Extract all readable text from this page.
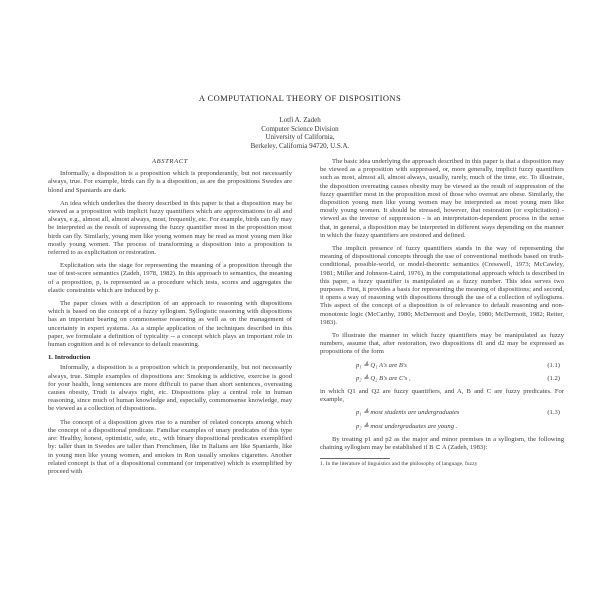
A COMPUTATIONAL THEORY OF DISPOSITIONS
Lotfi A. Zadeh
Computer Science Division
University of California,
Berkeley, California 94720, U.S.A.
ABSTRACT

Informally, a disposition is a proposition which is preponderantly, but not necessarily always, true. For example, birds can fly is a disposition, as are the propositions Swedes are blond and Spaniards are dark.

An idea which underlies the theory described in this paper is that a disposition may be viewed as a proposition with implicit fuzzy quantifiers which are approximations to all and always, e.g., almost all, almost always, most, frequently, etc. For example, birds can fly may be interpreted as the result of supressing the fuzzy quantifier most in the proposition most birds can fly. Similarly, young men like young women may be read as most young men like mostly young women. The process of transforming a disposition into a proposition is referred to as explicitation or restoration.

Explicitation sets the stage for representing the meaning of a proposition through the use of test-score semantics (Zadeh, 1978, 1982). In this approach to semantics, the meaning of a proposition, p, is represented as a procedure which tests, scores and aggregates the elastic constraints which are induced by p.

The paper closes with a description of an approach to reasoning with dispositions which is based on the concept of a fuzzy syllogism. Syllogistic reasoning with dispositions has an important bearing on commonsense reasoning as well as on the management of uncertainty in expert systems. As a simple application of the techniques described in this paper, we formulate a definition of typicality -- a concept which plays an important role in human cognition and is of relevance to default reasoning.

1. Introduction

Informally, a disposition is a proposition which is preponderantly, but not necessarily always, true. Simple examples of dispositions are: Smoking is addictive, exercise is good for your health, long sentences are more difficult to parse than short sentences, overeating causes obesity, Trudi is always right, etc. Dispositions play a central role in human reasoning, since much of human knowledge and, especially, commonsense knowledge, may be viewed as a collection of dispositions.

The concept of a disposition gives rise to a number of related concepts among which the concept of a dispositional predicate. Familiar examples of unary predicates of this type are: Healthy, honest, optimistic, safe, etc., with binary dispositional predicates exemplified by: taller than in Swedes are taller than Frenchmen, like in Italians are like Spaniards, like in young men like young women, and smokes in Ron usually smokes cigarettes. Another related concept is that of a dispositional command (or imperative) which is exemplified by proceed with

The basic idea underlying the approach described in this paper is that a disposition may be viewed as a proposition with suppressed, or, more generally, implicit fuzzy quantifiers such as most, almost all, almost always, usually, rarely, much of the time, etc. To illustrate, the disposition overeating causes obesity may be viewed as the result of suppression of the fuzzy quantifier most in the proposition most of those who overeat are obese. Similarly, the disposition young men like young women may be interpreted as most young men like mostly young women. It should be stressed, however, that restoration (or explicitation) - viewed as the inverse of suppression - is an interpretation-dependent process in the sense that, in general, a disposition may be interpreted in different ways depending on the manner in which the fuzzy quantifiers are restored and defined.

The implicit presence of fuzzy quantifiers stands in the way of representing the meaning of dispositional concepts through the use of conventional methods based on truth-conditional, possible-world, or model-theoretic semantics (Cresswell, 1973; McCawley, 1981; Miller and Johnson-Laird, 1976), in the computational approach which is described in this paper, a fuzzy quantifier is manipulated as a fuzzy number. This idea serves two purposes. First, it provides a basis for representing the meaning of dispositions; and second, it opens a way of reasoning with dispositions through the use of a collection of syllogisms. This aspect of the concept of a disposition is of relevance to default reasoning and non-monotonic logic (McCarthy, 1980; McDermott and Doyle, 1980; McDermott, 1982; Reiter, 1983).

To illustrate the manner in which fuzzy quantifiers may be manipulated as fuzzy numbers, assume that, after restoration, two dispositions d1 and d2 may be expressed as propositions of the form

p₁ ≜ Q₁ A's are B's	(1.1)
p₂ ≜ Q₂ B's are C's ,	(1.2)

in which Q1 and Q2 are fuzzy quantifiers, and A, B and C are fuzzy predicates. For example,

p₁ ≜ most students are undergraduates	(1.3)
p₂ ≜ most undergraduates are young .

By treating p1 and p2 as the major and minor premises in a syllogism, the following chaining syllogism may be established if B ⊂ A (Zadeh, 1983):

1. In the literature of linguistics and the philosophy of language, fuzzy
